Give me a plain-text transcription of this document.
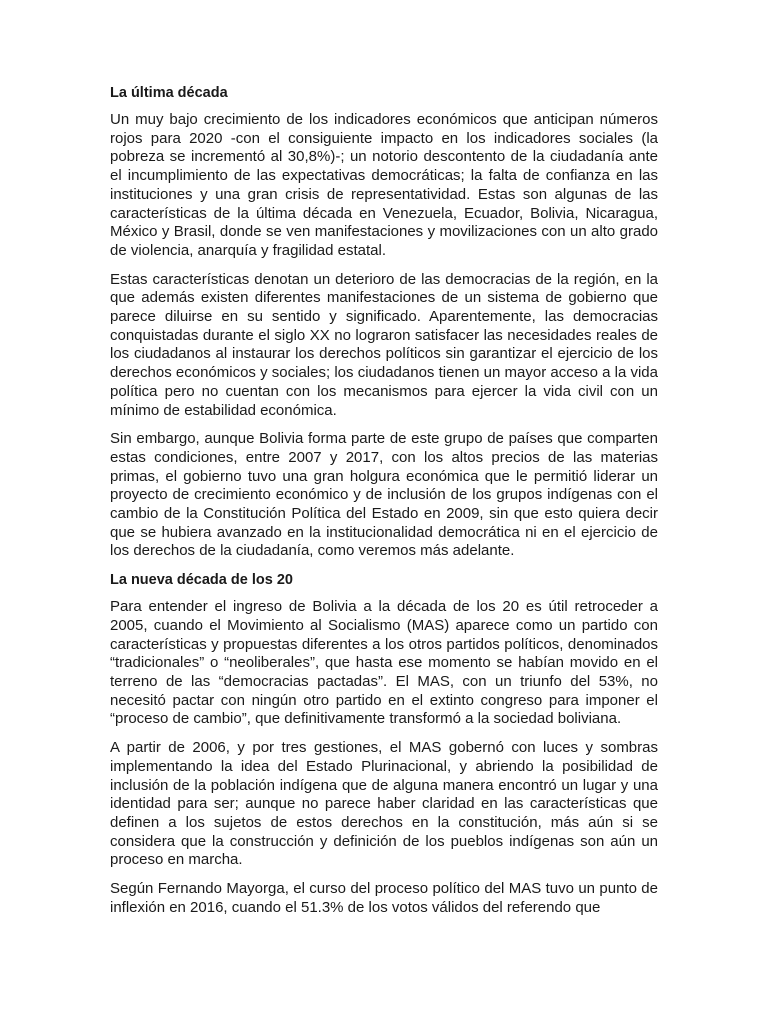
La última década

Un muy bajo crecimiento de los indicadores económicos que anticipan números rojos para 2020 -con el consiguiente impacto en los indicadores sociales (la pobreza se incrementó al 30,8%)-; un notorio descontento de la ciudadanía ante el incumplimiento de las expectativas democráticas; la falta de confianza en las instituciones y una gran crisis de representatividad. Estas son algunas de las características de la última década en Venezuela, Ecuador, Bolivia, Nicaragua, México y Brasil, donde se ven manifestaciones y movilizaciones con un alto grado de violencia, anarquía y fragilidad estatal.

Estas características denotan un deterioro de las democracias de la región, en la que además existen diferentes manifestaciones de un sistema de gobierno que parece diluirse en su sentido y significado. Aparentemente, las democracias conquistadas durante el siglo XX no lograron satisfacer las necesidades reales de los ciudadanos al instaurar los derechos políticos sin garantizar el ejercicio de los derechos económicos y sociales; los ciudadanos tienen un mayor acceso a la vida política pero no cuentan con los mecanismos para ejercer la vida civil con un mínimo de estabilidad económica.

Sin embargo, aunque Bolivia forma parte de este grupo de países que comparten estas condiciones, entre 2007 y 2017, con los altos precios de las materias primas, el gobierno tuvo una gran holgura económica que le permitió liderar un proyecto de crecimiento económico y de inclusión de los grupos indígenas con el cambio de la Constitución Política del Estado en 2009, sin que esto quiera decir que se hubiera avanzado en la institucionalidad democrática ni en el ejercicio de los derechos de la ciudadanía, como veremos más adelante.

La nueva década de los 20

Para entender el ingreso de Bolivia a la década de los 20 es útil retroceder a 2005, cuando el Movimiento al Socialismo (MAS) aparece como un partido con características y propuestas diferentes a los otros partidos políticos, denominados “tradicionales” o “neoliberales”, que hasta ese momento se habían movido en el terreno de las “democracias pactadas”. El MAS, con un triunfo del 53%, no necesitó pactar con ningún otro partido en el extinto congreso para imponer el “proceso de cambio”, que definitivamente transformó a la sociedad boliviana.

A partir de 2006, y por tres gestiones, el MAS gobernó con luces y sombras implementando la idea del Estado Plurinacional, y abriendo la posibilidad de inclusión de la población indígena que de alguna manera encontró un lugar y una identidad para ser; aunque no parece haber claridad en las características que definen a los sujetos de estos derechos en la constitución, más aún si se considera que la construcción y definición de los pueblos indígenas son aún un proceso en marcha.

Según Fernando Mayorga, el curso del proceso político del MAS tuvo un punto de inflexión en 2016, cuando el 51.3% de los votos válidos del referendo que
